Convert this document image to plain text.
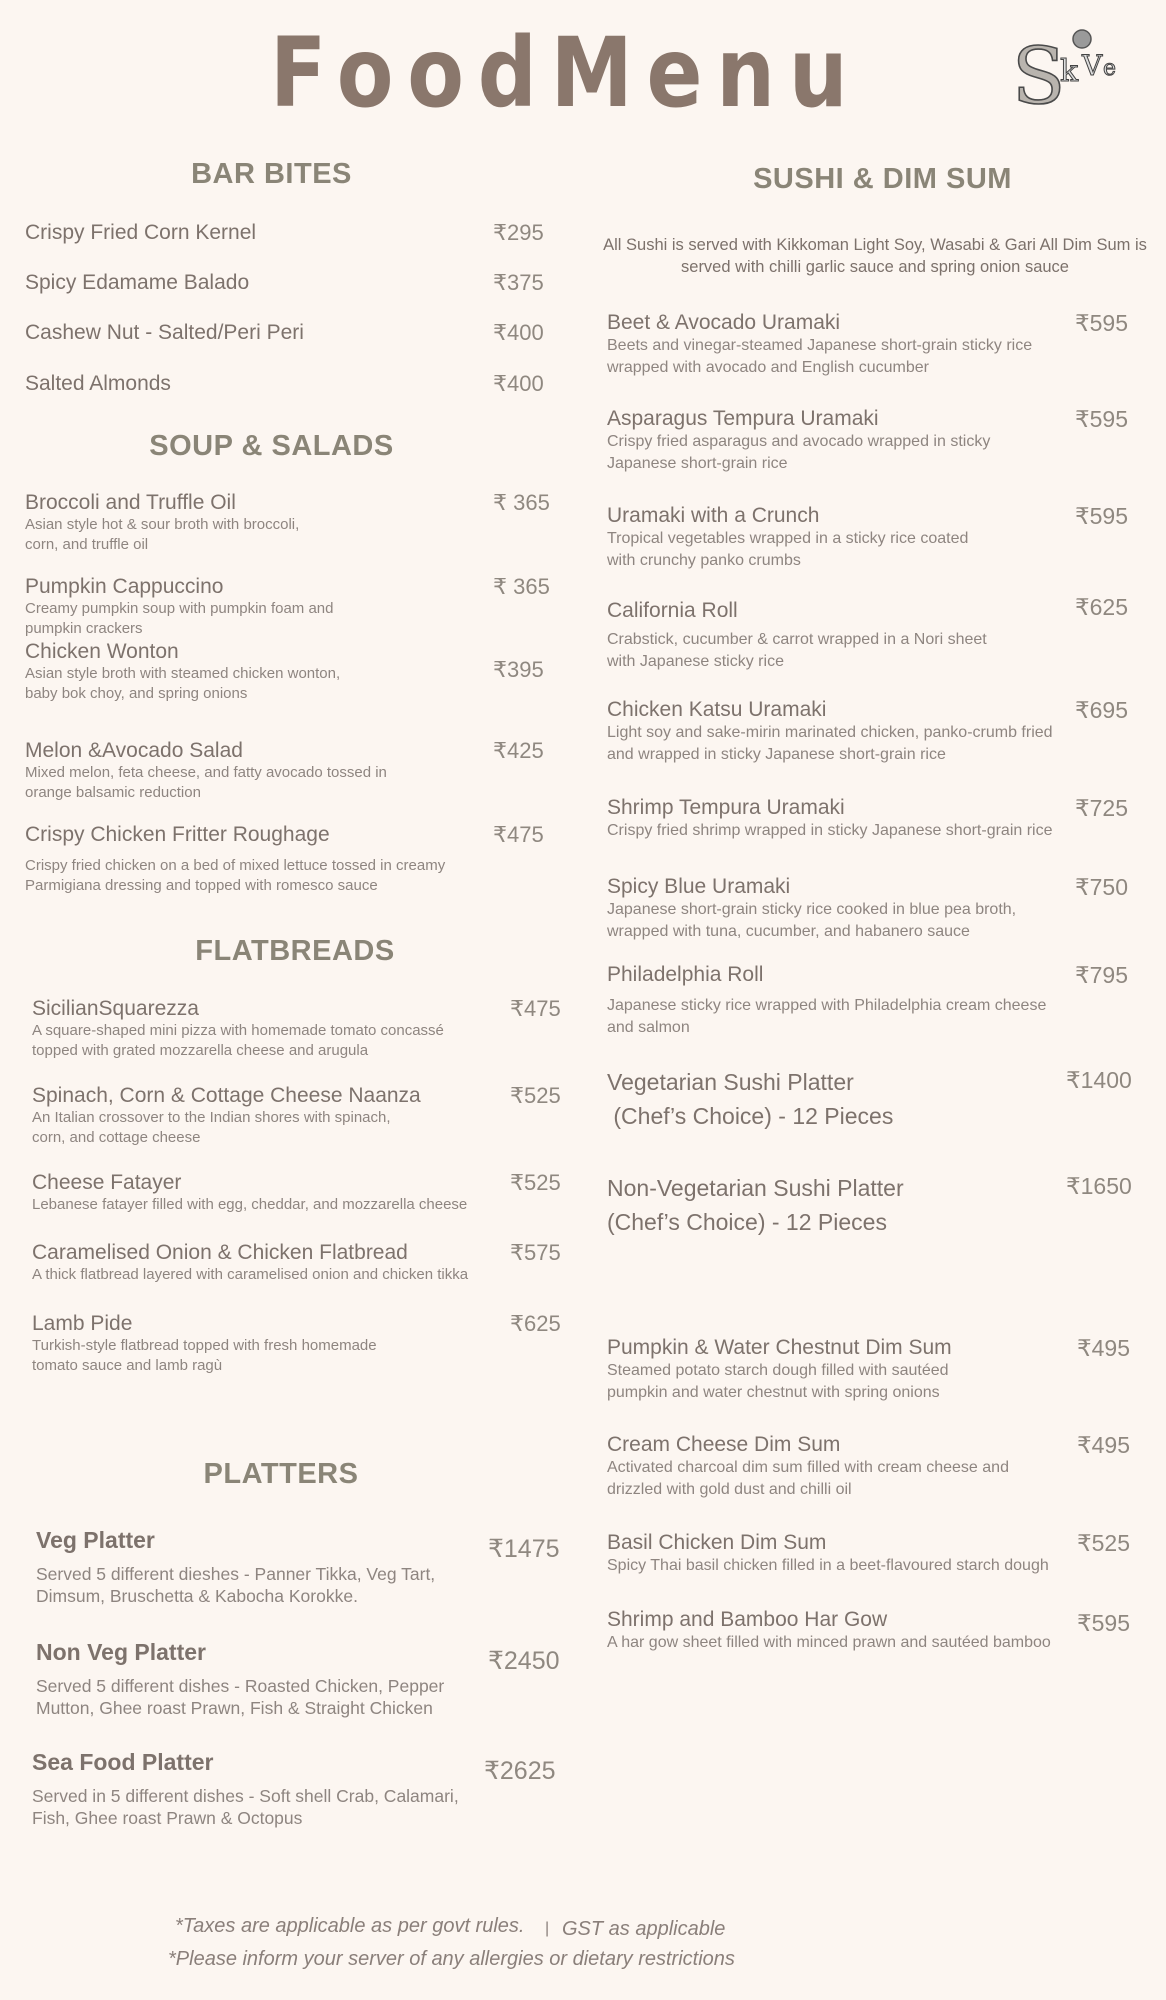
FoodMenu S
k V e
BAR BITES
Crispy Fried Corn Kernel	₹295
Spicy Edamame Balado	₹375
Cashew Nut - Salted/Peri Peri	₹400
Salted Almonds	₹400
SOUP & SALADS
Broccoli and Truffle Oil
Asian style hot & sour broth with broccoli, corn, and truffle oil
₹ 365
Pumpkin Cappuccino
Creamy pumpkin soup with pumpkin foam and pumpkin crackers
₹ 365
Chicken Wonton
Asian style broth with steamed chicken wonton, baby bok choy, and spring onions
₹395
Melon &Avocado Salad
Mixed melon, feta cheese, and fatty avocado tossed in orange balsamic reduction
₹425
Crispy Chicken Fritter Roughage
Crispy fried chicken on a bed of mixed lettuce tossed in creamy Parmigiana dressing and topped with romesco sauce
₹475
FLATBREADS
SicilianSquarezza
A square-shaped mini pizza with homemade tomato concassé topped with grated mozzarella cheese and arugula
₹475
Spinach, Corn & Cottage Cheese Naanza
An Italian crossover to the Indian shores with spinach, corn, and cottage cheese
₹525
Cheese Fatayer
Lebanese fatayer filled with egg, cheddar, and mozzarella cheese
₹525
Caramelised Onion & Chicken Flatbread
A thick flatbread layered with caramelised onion and chicken tikka
₹575
Lamb Pide
Turkish-style flatbread topped with fresh homemade tomato sauce and lamb ragù
₹625
PLATTERS
Veg Platter
Served 5 different dieshes - Panner Tikka, Veg Tart, Dimsum, Bruschetta & Kabocha Korokke.
₹1475
Non Veg Platter
Served 5 different dishes - Roasted Chicken, Pepper Mutton, Ghee roast Prawn, Fish & Straight Chicken
₹2450
Sea Food Platter
Served in 5 different dishes - Soft shell Crab, Calamari, Fish, Ghee roast Prawn & Octopus
₹2625
SUSHI & DIM SUM
All Sushi is served with Kikkoman Light Soy, Wasabi & Gari All Dim Sum is served with chilli garlic sauce and spring onion sauce
Beet & Avocado Uramaki
Beets and vinegar-steamed Japanese short-grain sticky rice wrapped with avocado and English cucumber
₹595
Asparagus Tempura Uramaki
Crispy fried asparagus and avocado wrapped in sticky Japanese short-grain rice
₹595
Uramaki with a Crunch
Tropical vegetables wrapped in a sticky rice coated with crunchy panko crumbs
₹595
California Roll
Crabstick, cucumber & carrot wrapped in a Nori sheet with Japanese sticky rice
₹625
Chicken Katsu Uramaki
Light soy and sake-mirin marinated chicken, panko-crumb fried and wrapped in sticky Japanese short-grain rice
₹695
Shrimp Tempura Uramaki
Crispy fried shrimp wrapped in sticky Japanese short-grain rice
₹725
Spicy Blue Uramaki
Japanese short-grain sticky rice cooked in blue pea broth, wrapped with tuna, cucumber, and habanero sauce
₹750
Philadelphia Roll
Japanese sticky rice wrapped with Philadelphia cream cheese and salmon
₹795
Vegetarian Sushi Platter
(Chef’s Choice) - 12 Pieces
₹1400
Non-Vegetarian Sushi Platter
(Chef’s Choice) - 12 Pieces
₹1650
Pumpkin & Water Chestnut Dim Sum
Steamed potato starch dough filled with sautéed pumpkin and water chestnut with spring onions
₹495
Cream Cheese Dim Sum
Activated charcoal dim sum filled with cream cheese and drizzled with gold dust and chilli oil
₹495
Basil Chicken Dim Sum
Spicy Thai basil chicken filled in a beet-flavoured starch dough
₹525
Shrimp and Bamboo Har Gow
A har gow sheet filled with minced prawn and sautéed bamboo
₹595
*Taxes are applicable as per govt rules. | GST as applicable
*Please inform your server of any allergies or dietary restrictions
